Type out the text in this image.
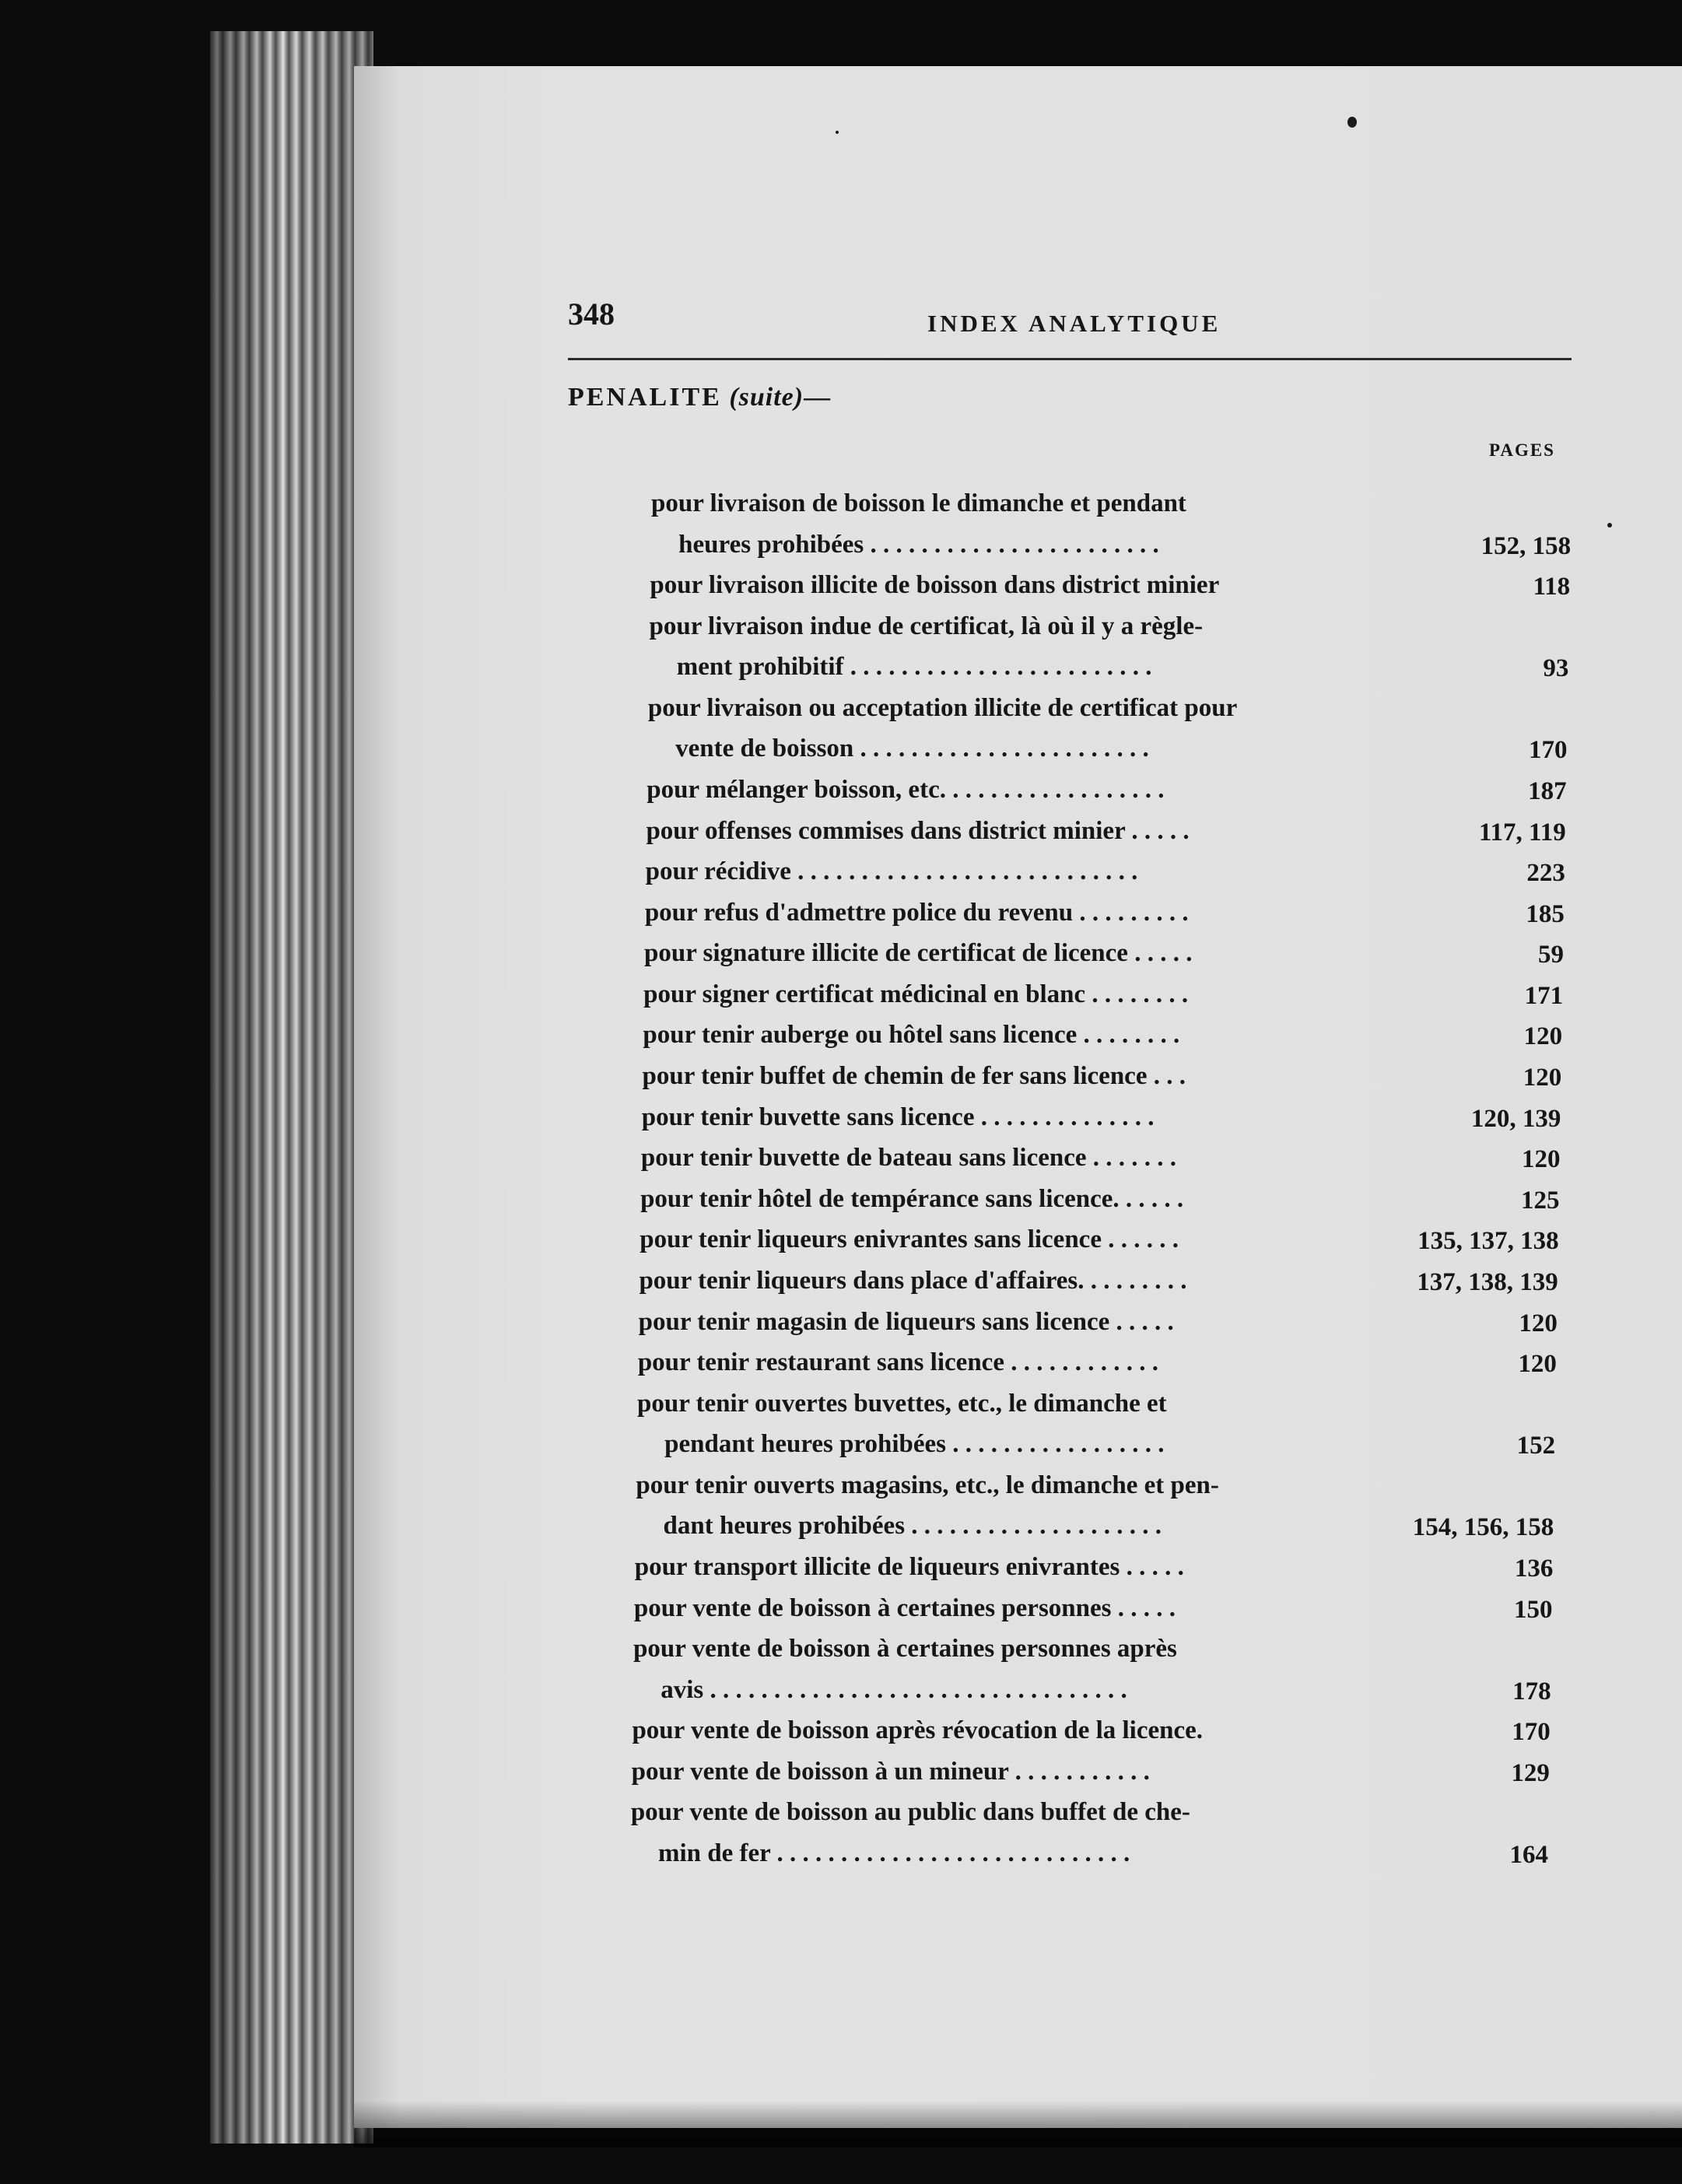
348	INDEX ANALYTIQUE
PENALITE (suite)—
PAGES
pour livraison de boisson le dimanche et pendant
heures prohibées . . . . . . . . . . . . . . . . . . . . . . .	152, 158
pour livraison illicite de boisson dans district minier	118
pour livraison indue de certificat, là où il y a règle-
ment prohibitif . . . . . . . . . . . . . . . . . . . . . . . .	93
pour livraison ou acceptation illicite de certificat pour
vente de boisson . . . . . . . . . . . . . . . . . . . . . . .	170
pour mélanger boisson, etc. . . . . . . . . . . . . . . . . .	187
pour offenses commises dans district minier . . . . .	117, 119
pour récidive . . . . . . . . . . . . . . . . . . . . . . . . . . .	223
pour refus d'admettre police du revenu . . . . . . . . .	185
pour signature illicite de certificat de licence . . . . .	59
pour signer certificat médicinal en blanc . . . . . . . .	171
pour tenir auberge ou hôtel sans licence . . . . . . . .	120
pour tenir buffet de chemin de fer sans licence . . .	120
pour tenir buvette sans licence . . . . . . . . . . . . . .	120, 139
pour tenir buvette de bateau sans licence . . . . . . .	120
pour tenir hôtel de tempérance sans licence. . . . . .	125
pour tenir liqueurs enivrantes sans licence . . . . . .	135, 137, 138
pour tenir liqueurs dans place d'affaires. . . . . . . . .	137, 138, 139
pour tenir magasin de liqueurs sans licence . . . . .	120
pour tenir restaurant sans licence . . . . . . . . . . . .	120
pour tenir ouvertes buvettes, etc., le dimanche et
pendant heures prohibées . . . . . . . . . . . . . . . . .	152
pour tenir ouverts magasins, etc., le dimanche et pen-
dant heures prohibées . . . . . . . . . . . . . . . . . . . .	154, 156, 158
pour transport illicite de liqueurs enivrantes . . . . .	136
pour vente de boisson à certaines personnes . . . . .	150
pour vente de boisson à certaines personnes après
avis . . . . . . . . . . . . . . . . . . . . . . . . . . . . . . . . .	178
pour vente de boisson après révocation de la licence.	170
pour vente de boisson à un mineur . . . . . . . . . . .	129
pour vente de boisson au public dans buffet de che-
min de fer . . . . . . . . . . . . . . . . . . . . . . . . . . . .	164
